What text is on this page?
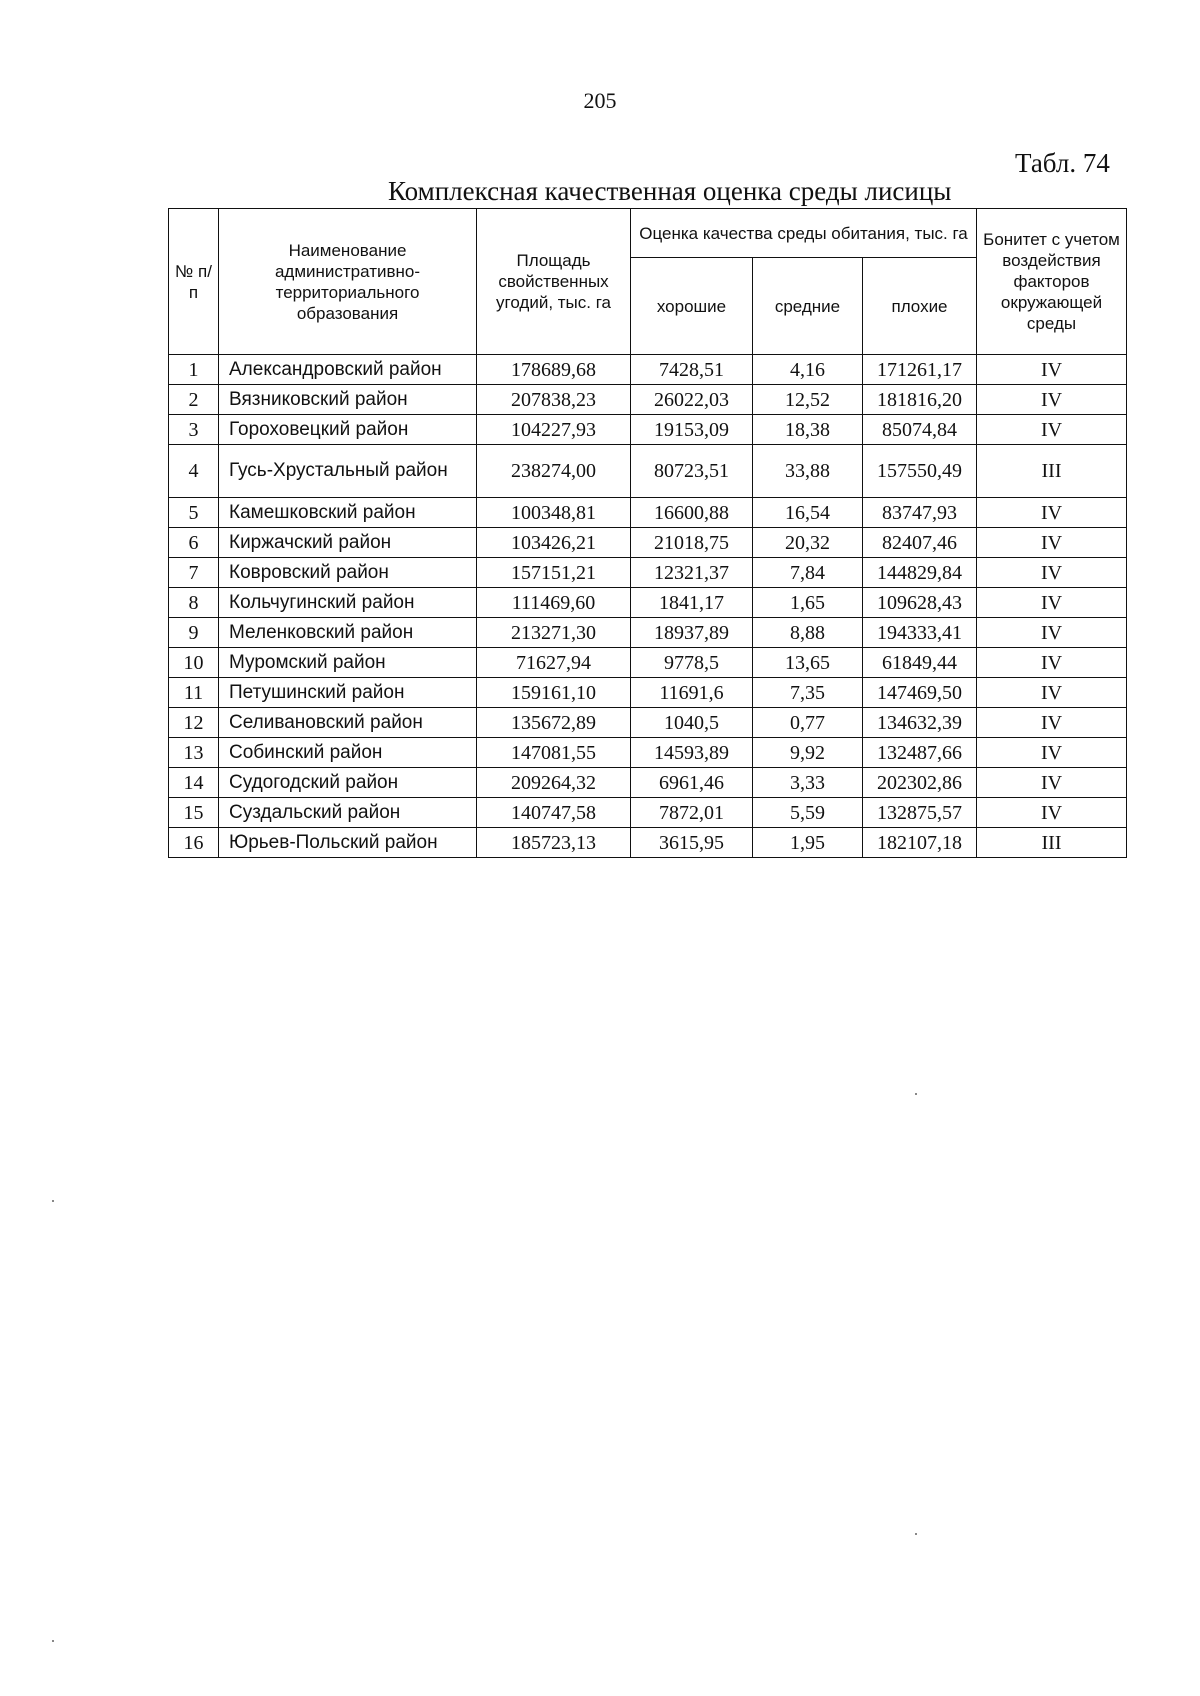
205
Табл. 74
Комплексная качественная оценка среды лисицы
№ п/п	Наименование административно-территориального образования	Площадь свойственных угодий, тыс. га	Оценка качества среды обитания, тыс. га			Бонитет с учетом воздействия факторов окружающей среды
			хорошие	средние	плохие	
1	Александровский район	178689,68	7428,51	4,16	171261,17	IV
2	Вязниковский район	207838,23	26022,03	12,52	181816,20	IV
3	Гороховецкий район	104227,93	19153,09	18,38	85074,84	IV
4	Гусь-Хрустальный район	238274,00	80723,51	33,88	157550,49	III
5	Камешковский район	100348,81	16600,88	16,54	83747,93	IV
6	Киржачский район	103426,21	21018,75	20,32	82407,46	IV
7	Ковровский район	157151,21	12321,37	7,84	144829,84	IV
8	Кольчугинский район	111469,60	1841,17	1,65	109628,43	IV
9	Меленковский район	213271,30	18937,89	8,88	194333,41	IV
10	Муромский район	71627,94	9778,5	13,65	61849,44	IV
11	Петушинский район	159161,10	11691,6	7,35	147469,50	IV
12	Селивановский район	135672,89	1040,5	0,77	134632,39	IV
13	Собинский район	147081,55	14593,89	9,92	132487,66	IV
14	Судогодский район	209264,32	6961,46	3,33	202302,86	IV
15	Суздальский район	140747,58	7872,01	5,59	132875,57	IV
16	Юрьев-Польский район	185723,13	3615,95	1,95	182107,18	III
